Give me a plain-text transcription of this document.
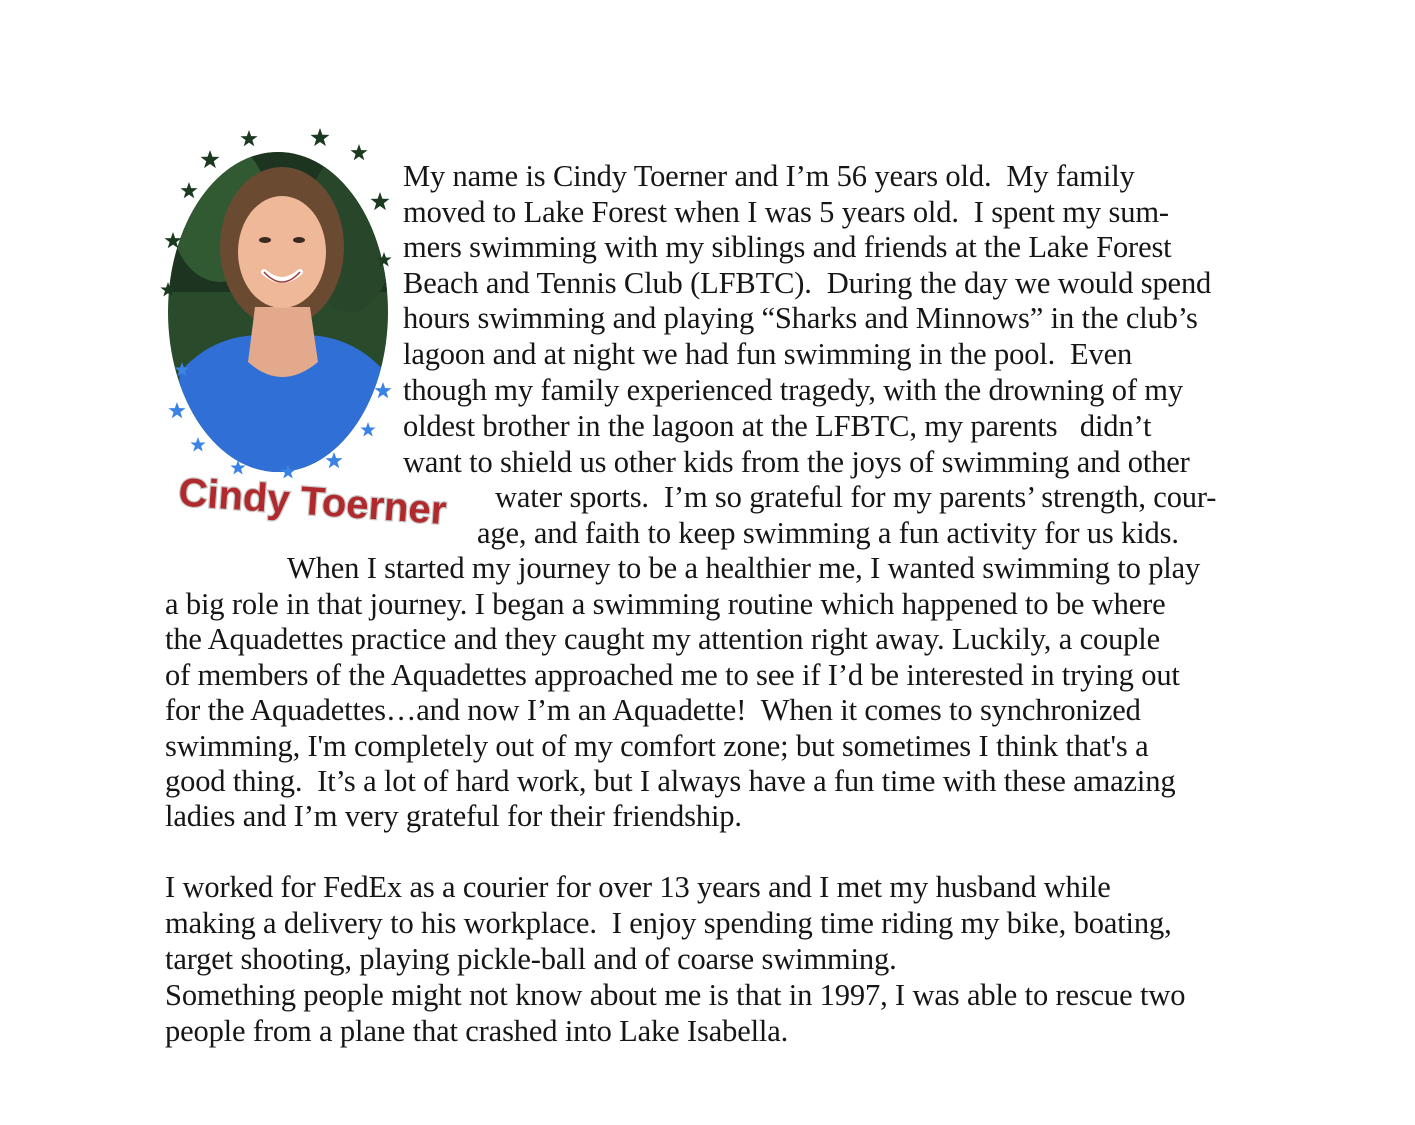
Cindy Toerner
My name is Cindy Toerner and I’m 56 years old.  My family
moved to Lake Forest when I was 5 years old.  I spent my sum-
mers swimming with my siblings and friends at the Lake Forest
Beach and Tennis Club (LFBTC).  During the day we would spend
hours swimming and playing “Sharks and Minnows” in the club’s
lagoon and at night we had fun swimming in the pool.  Even
though my family experienced tragedy, with the drowning of my
oldest brother in the lagoon at the LFBTC, my parents   didn’t
want to shield us other kids from the joys of swimming and other
water sports.  I’m so grateful for my parents’ strength, cour-
age, and faith to keep swimming a fun activity for us kids.
When I started my journey to be a healthier me, I wanted swimming to play
a big role in that journey. I began a swimming routine which happened to be where
the Aquadettes practice and they caught my attention right away. Luckily, a couple
of members of the Aquadettes approached me to see if I’d be interested in trying out
for the Aquadettes…and now I’m an Aquadette!  When it comes to synchronized
swimming, I'm completely out of my comfort zone; but sometimes I think that's a
good thing.  It’s a lot of hard work, but I always have a fun time with these amazing
ladies and I’m very grateful for their friendship.
I worked for FedEx as a courier for over 13 years and I met my husband while
making a delivery to his workplace.  I enjoy spending time riding my bike, boating,
target shooting, playing pickle-ball and of coarse swimming.
Something people might not know about me is that in 1997, I was able to rescue two
people from a plane that crashed into Lake Isabella.
